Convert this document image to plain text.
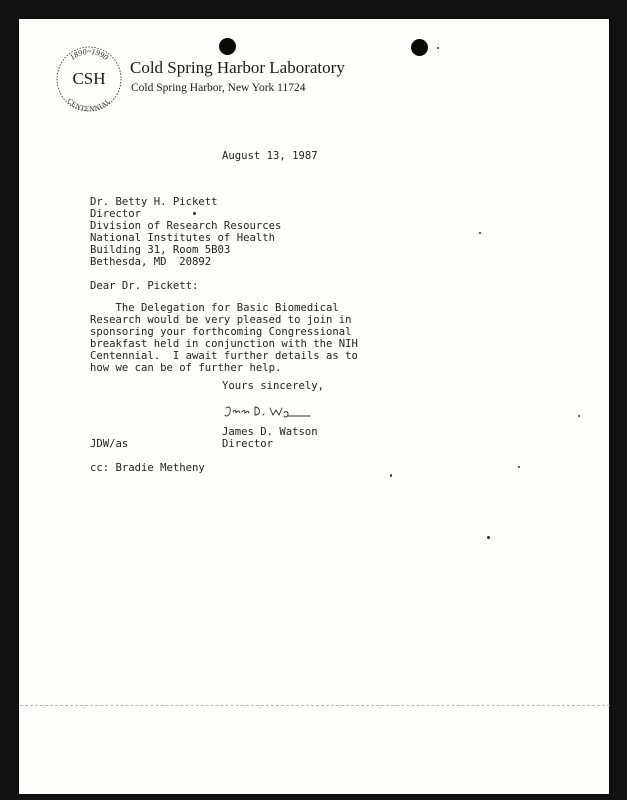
1890~1990
CSH
CENTENNIAL
Cold Spring Harbor Laboratory
Cold Spring Harbor, New York 11724
August 13, 1987
Dr. Betty H. Pickett
Director
Division of Research Resources
National Institutes of Health
Building 31, Room 5B03
Bethesda, MD  20892
Dear Dr. Pickett:
The Delegation for Basic Biomedical
Research would be very pleased to join in
sponsoring your forthcoming Congressional
breakfast held in conjunction with the NIH
Centennial.  I await further details as to
how we can be of further help.
Yours sincerely,
James D. Watson
JDW/as	Director
cc: Bradie Metheny
